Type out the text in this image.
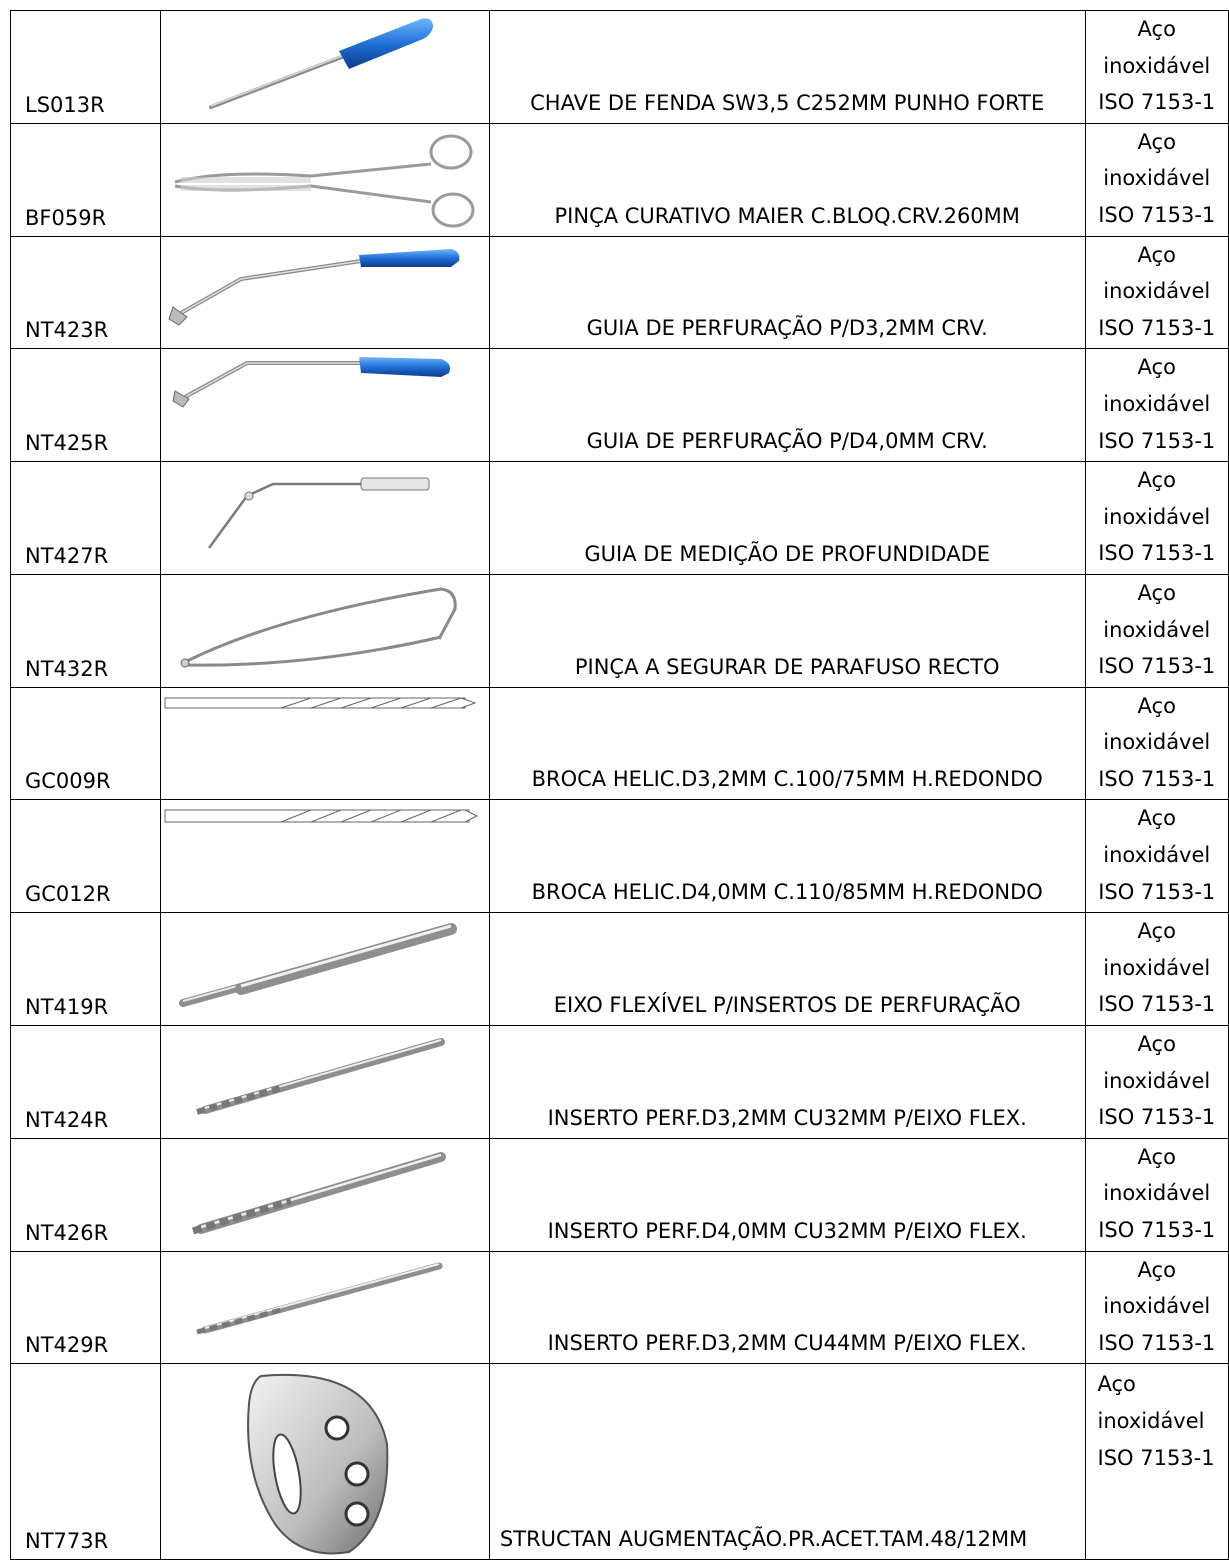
LS013R		CHAVE DE FENDA SW3,5 C252MM PUNHO FORTE	Aço
inoxidável
ISO 7153-1
BF059R		PINÇA CURATIVO MAIER C.BLOQ.CRV.260MM	Aço
inoxidável
ISO 7153-1
NT423R		GUIA DE PERFURAÇÃO P/D3,2MM CRV.	Aço
inoxidável
ISO 7153-1
NT425R		GUIA DE PERFURAÇÃO P/D4,0MM CRV.	Aço
inoxidável
ISO 7153-1
NT427R		GUIA DE MEDIÇÃO DE PROFUNDIDADE	Aço
inoxidável
ISO 7153-1
NT432R		PINÇA A SEGURAR DE PARAFUSO RECTO	Aço
inoxidável
ISO 7153-1
GC009R		BROCA HELIC.D3,2MM C.100/75MM H.REDONDO	Aço
inoxidável
ISO 7153-1
GC012R		BROCA HELIC.D4,0MM C.110/85MM H.REDONDO	Aço
inoxidável
ISO 7153-1
NT419R		EIXO FLEXÍVEL P/INSERTOS DE PERFURAÇÃO	Aço
inoxidável
ISO 7153-1
NT424R		INSERTO PERF.D3,2MM CU32MM P/EIXO FLEX.	Aço
inoxidável
ISO 7153-1
NT426R		INSERTO PERF.D4,0MM CU32MM P/EIXO FLEX.	Aço
inoxidável
ISO 7153-1
NT429R		INSERTO PERF.D3,2MM CU44MM P/EIXO FLEX.	Aço
inoxidável
ISO 7153-1
NT773R		STRUCTAN AUGMENTAÇÃO.PR.ACET.TAM.48/12MM	Aço
inoxidável
ISO 7153-1
